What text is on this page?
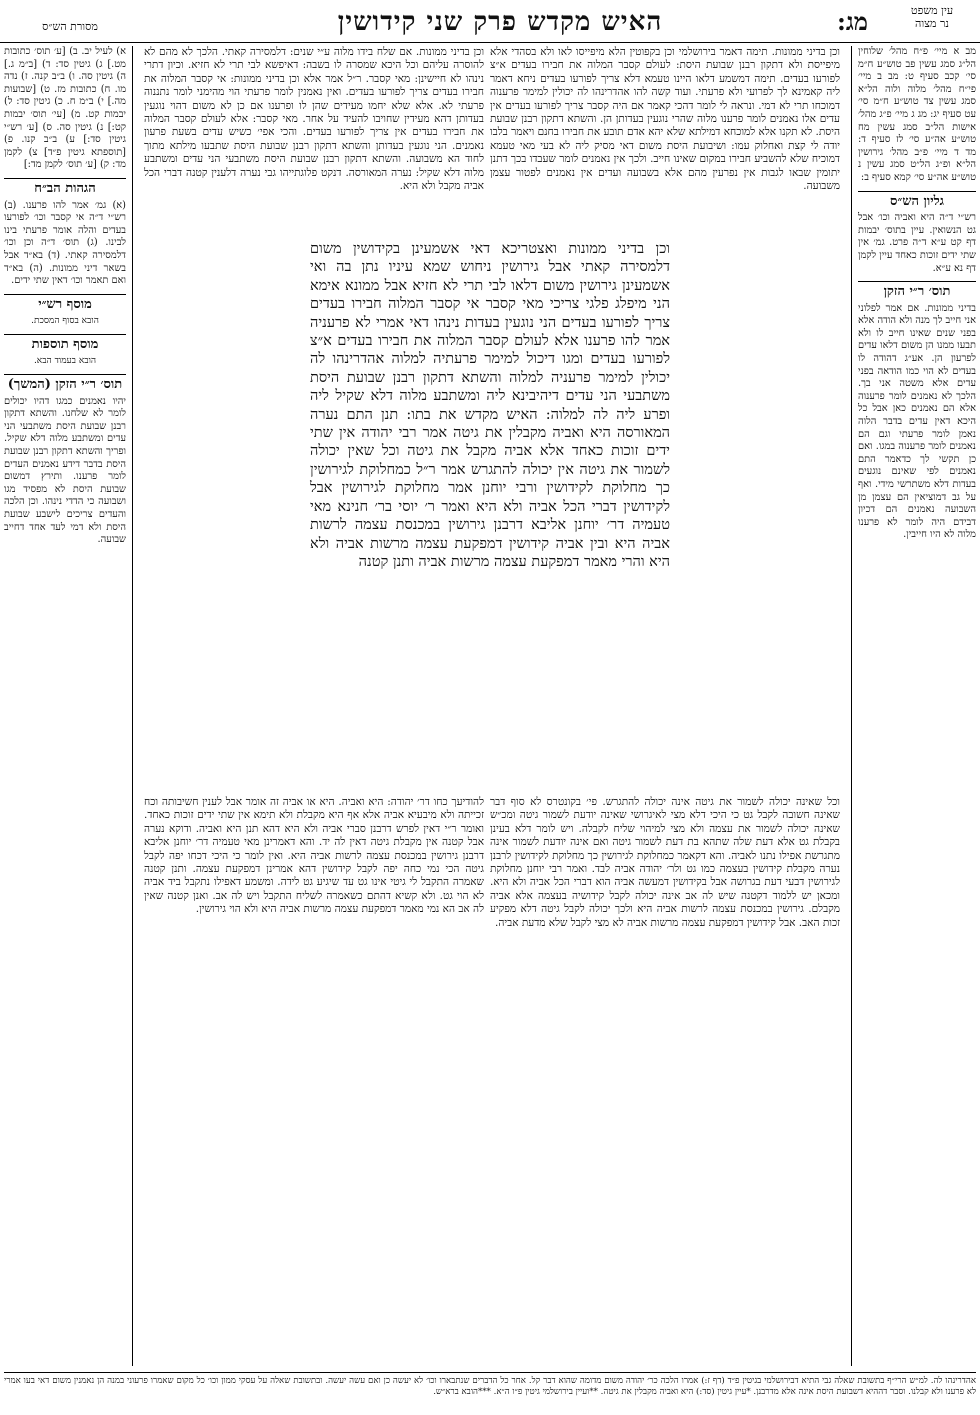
עין משפט
נר מצוה
מג:
האיש מקדש פרק שני קידושין
מסורת הש״ס

מב א מיי׳ פ״ח מהל׳ שלוחין הל״ג סמג עשין פב טוש״ע ח״מ סי׳ קכב סעיף ט: מב ב מיי׳ פי״ח מהל׳ מלוה ולוה הל״א סמג עשין צד טוש״ע ח״מ סי׳ עט סעיף יג: מג ג מיי׳ פ״ג מהל׳ אישות הל״ב סמג עשין מח טוש״ע אה״ע סי׳ לז סעיף ד: מד ד מיי׳ פ״ב מהל׳ גירושין הל״א ופ״ג הל״ט סמג עשין נ טוש״ע אה״ע סי׳ קמא סעיף ב:

גליון הש״ס

רש״י ד״ה היא ואביה וכו׳ אבל גט הנשואין. עיין בתוס׳ יבמות דף קט ע״א ד״ה פרט. גמ׳ אין שתי ידים זוכות כאחד עיין לקמן דף נא ע״א.

תוס׳ ר״י הזקן

בדיני ממונות. אם אמר לפלוני אני חייב לך מנה ולא הודה אלא בפני שנים שאינו חייב לו ולא תבעו ממנו הן משום דלאו עדים לפרעון הן. אע״ג דהודה לו בעדים לא הוי כמו הודאה בפני עדים אלא משטה אני בך. הלכך לא נאמנים לומר פרענוה אלא הם נאמנים כאן אבל כל היכא דאין עדים בדבר הלוה נאמן לומר פרעתי וגם הם נאמנים לומר פרענוה במגו. ואם כן תקשי לך כדאמר התם נאמנים לפי שאינם נוגעים בעדות דלא משתרשי מידי. ואף על גב דמוציאין הם עצמן מן השבועה נאמנים הם דכיון דבידם היה לומר לא פרענו מלוה לא היו חייבין.

א) לעיל יב. ב) [ע׳ תוס׳ כתובות מט.] ג) גיטין סד: ד) [ב״מ ג.] ה) גיטין סה. ו) ב״ב קנה. ז) נדה מו. ח) כתובות מז. ט) [שבועות מה.] י) ב״מ ח. כ) גיטין סד: ל) יבמות קט. מ) [עי׳ תוס׳ יבמות קט:] נ) גיטין סה. ס) [ע׳ רש״י גיטין סד:] ע) ב״ב קנו. פ) [תוספתא גיטין פ״ד] צ) לקמן מד: ק) [ע׳ תוס׳ לקמן מד:]

הגהות הב״ח

(א) גמ׳ אמר להו פרענו. (ב) רש״י ד״ה אי קסבר וכו׳ לפורעו בעדים והלה אומר פרעתי בינו לבינו. (ג) תוס׳ ד״ה וכן וכו׳ דלמסירה קאתי. (ד) בא״ד אבל בשאר דיני ממונות. (ה) בא״ד ואם תאמר וכו׳ דאין שתי ידים.

מוסף רש״י
הובא בסוף המסכת.
מוסף תוספות
הובא בעמוד הבא.
תוס׳ ר״י הזקן (המשך)

יהיו נאמנים כמגו דהיו יכולים לומר לא שלחנו. והשתא דתקון רבנן שבועת היסת משתבעי הני עדים ומשתבע מלוה דלא שקיל. ופריך והשתא דתקון רבנן שבועת היסת בדבר דידע נאמנים העדים לומר פרענו. ותירץ דמשום שבועת היסת לא מפסיד מגו ושבועה כי הדדי נינהו. וכן הלכה והעדים צריכים לישבע שבועת היסת ולא דמי לעד אחד דחייב שבועה.

וכן בדיני ממונות. תימה דאמר בירושלמי וכן בקפוטין הלא מיפייסו לאו ולא בסהדי אלא מיפייסת ולא דתקון רבנן שבועת היסת: לעולם קסבר המלוה את חבירו בעדים א״צ לפורעו בעדים. תימה דמשמע דלאו היינו טעמא דלא צריך לפורעו בעדים ניחא דאמר ליה קאמינא לך לפרועי ולא פרעתי. ועוד קשה להו אהדרינהו לה יכולין למימר פרענוה דמוכחו תרי לא דמי. ונראה לי לומר דהכי קאמר אם היה קסבר צריך לפורעו בעדים אין עדים אלו נאמנים לומר פרענו מלוה שהרי נוגעין בעדותן הן. והשתא דתקון רבנן שבועת היסת. לא תקנו אלא למוכחא דמילתא שלא יהא אדם תובע את חבירו בחנם ויאמר בלבו יודה לי קצת ואחלוק עמו: ושיבועת היסת משום דאי מסיק ליה לא בעי מאי טעמא דמוכיח שלא להשביע חבירו במקום שאינו חייב. ולכך אין נאמנים לומר שעבדו בכך דתנן יתומין שבאו לגבות אין נפרעין מהם אלא בשבועה ועדים אין נאמנים לפטור עצמן משבועה.

וכן בדיני ממונות. אם שלח בידו מלוה ע״י שנים: דלמסירה קאתי. הלכך לא מהם לא להוסרה עליהם וכל היכא שמסרה לו בשבה: דאיפשא לבי תרי לא חזיא. וכיון דתרי נינהו לא חיישינן: מאי קסבר. ר״ל אמר אלא וכן בדיני ממונות: אי קסבר המלוה את חבירו בעדים צריך לפורעו בעדים. ואין נאמנין לומר פרעתי הוי מהימני לומר נתננוה פרעתי לא. אלא שלא יחמו מעידים שהן לו ופרענו אם כן לא משום דהוי נוגעין בעדותן דהא מעידין שחויבו להעיד על אחר. מאי קסבר: אלא לעולם קסבר המלוה את חבירו בעדים אין צריך לפורעו בעדים. והכי אפי׳ כשיש עדים בשעת פרעון נאמנים. הני נוגעין בעדותן והשתא דתקון רבנן שבועת היסת שתבעו מילתא מתוך לחוד הא משבועה. והשתא דתקון רבנן שבועת היסת משתבעי הני עדים ומשתבע מלוה דלא שקיל: נערה המאורסה. דנקט פלוגתייהו גבי נערה דלענין קטנה דברי הכל אביה מקבל ולא היא.

וכן בדיני ממונות ואצטריכא דאי אשמעינן בקידושין משום דלמסירה קאתי אבל גירושין ניחוש שמא עיניו נתן בה ואי אשמעינן גירושין משום דלאו לבי תרי לא חזיא אבל ממונא אימא הני מיפלג פלגי צריכי מאי קסבר אי קסבר המלוה חבירו בעדים צריך לפורעו בעדים הני נוגעין בעדות נינהו דאי אמרי לא פרעניה אמר להו פרענו אלא לעולם קסבר המלוה את חבירו בעדים א״צ לפורעו בעדים ומגו דיכול למימר פרעתיה למלוה אהדרינהו לה יכולין למימר פרעניה למלוה והשתא דתקון רבנן שבועת היסת משתבעי הני עדים דיהיבינא ליה ומשתבע מלוה דלא שקיל ליה ופרע ליה לה למלוה: האיש מקדש את בתו: תנן התם נערה המאורסה היא ואביה מקבלין את גיטה אמר רבי יהודה אין שתי ידים זוכות כאחד אלא אביה מקבל את גיטה וכל שאין יכולה לשמור את גיטה אין יכולה להתגרש אמר ר״ל כמחלוקת לגירושין כך מחלוקת לקידושין ורבי יוחנן אמר מחלוקת לגירושין אבל לקידושין דברי הכל אביה ולא היא ואמר ר׳ יוסי בר׳ חנינא מאי טעמיה דר׳ יוחנן אליבא דרבנן גירושין במכנסת עצמה לרשות אביה היא ובין אביה קידושין דמפקעת עצמה מרשות אביה ולא היא והרי מאמר דמפקעת עצמה מרשות אביה ותנן קטנה

וכל שאינה יכולה לשמור את גיטה אינה יכולה להתגרש. פי׳ בקונטרס לא סוף דבר שאינה חשובה לקבל גט כי היכי דלא מצי לאיגרושי שאינה יודעת לשמור גיטה ומכ״ש שאינה יכולה לשמור את עצמה ולא מצי למיהוי שליח לקבלה. ויש לומר דלא בעינן בקבלת גט אלא דעת שלה שתהא בת דעת לשמור גיטה ואם אינה יודעת לשמור אינה מתגרשת אפילו נתנו לאביה. והא דקאמר כמחלוקת לגירושין כך מחלוקת לקידושין לרבנן נערה מקבלת קידושין בעצמה כמו גט ולר׳ יהודה אביה לבד. ואמר רבי יוחנן מחלוקת לגירושין דבעי דעת בגרושה אבל בקידושין דמעשה אביה הוא דברי הכל אביה ולא היא. ומכאן יש ללמוד דקטנה שיש לה אב אינה יכולה לקבל קידושיה בעצמה אלא אביה מקבלם. גירושין במכנסת עצמה לרשות אביה היא ולכך יכולה לקבל גיטה דלא מפקיע זכות האב. אבל קידושין דמפקעת עצמה מרשות אביה לא מצי לקבל שלא מדעת אביה.

להודיעך כחו דר׳ יהודה: היא ואביה. היא או אביה זה אומר אבל לענין חשיבותה וכח זכייתה ולא מיבעיא אביה אלא אף היא מקבלת ולא תימא אין שתי ידים זוכות כאחד. ואומר ר״י דאין לפרש דרבנן סברי אביה ולא היא דהא תנן היא ואביה. ודוקא נערה אבל קטנה אין מקבלת גיטה דאין לה יד. והא דאמרינן מאי טעמיה דר׳ יוחנן אליבא דרבנן גירושין במכנסת עצמה לרשות אביה היא. ואין לומר כי היכי דכחו יפה לקבל גיטה הכי נמי כחה יפה לקבל קידושין דהא אמרינן דמפקעת עצמה. ותנן קטנה שאמרה התקבל לי גיטי אינו גט עד שיגיע גט לידה. ומשמע דאפילו נתקבל ביד אביה לא הוי גט. ולא קשיא דהתם כשאמרה לשליח התקבל ויש לה אב. ואנן קטנה שאין לה אב הא נמי מאמר דמפקעת עצמה מרשות אביה היא ולא הוי גירושין.

אהדרינהו לה. למ״ש הרי״ף בתשובת שאלה גבי התיא דבירושלמי בגיטין פ״ד (דף ז:) אמרו הלכה כר׳ יהודה משום מדומה שהוא דבר קל. אחר כל הדברים שנתבארו וכו׳ לא יעשה כן ואם עשה יעשה. ובתשובת שאלה על עסקי ממון וכו׳ כל מקום שאמרו פרעוני במנה הן נאמנין משום דאי בעו אמרי לא פרענו ולא קבלנו. וסבר דההיא דשבועת היסת אינה אלא מדרבנן. *עיין גיטין (סד:) היא ואביה מקבלין את גיטה. **ועיין בירושלמי גיטין פ״ו ה״א. ***הובא ברא״ש.
